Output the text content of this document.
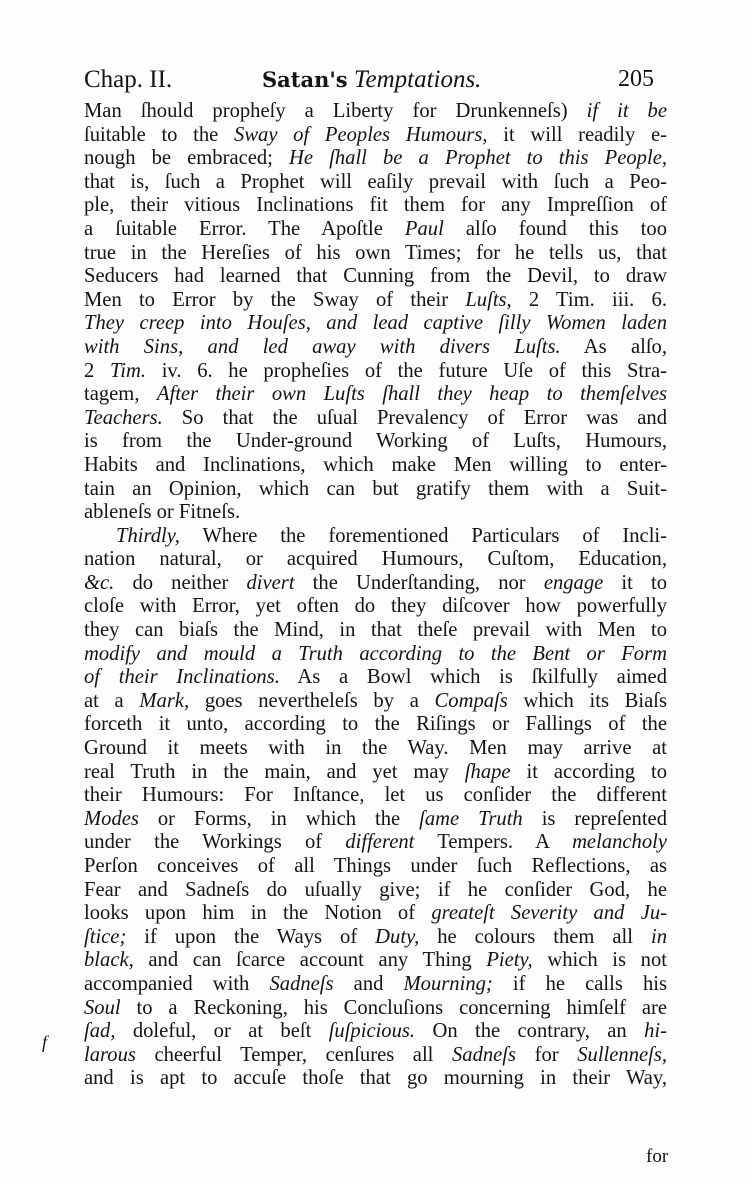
Chap. II.	Satan's Temptations.	205
Man ſhould propheſy a Liberty for Drunkenneſs) if it be
ſuitable to the Sway of Peoples Humours, it will readily e-
nough be embraced; He ſhall be a Prophet to this People,
that is, ſuch a Prophet will eaſily prevail with ſuch a Peo-
ple, their vitious Inclinations fit them for any Impreſſion of
a ſuitable Error. The Apoſtle Paul alſo found this too
true in the Hereſies of his own Times; for he tells us, that
Seducers had learned that Cunning from the Devil, to draw
Men to Error by the Sway of their Luſts, 2 Tim. iii. 6.
They creep into Houſes, and lead captive ſilly Women laden
with Sins, and led away with divers Luſts. As alſo,
2 Tim. iv. 6. he propheſies of the future Uſe of this Stra-
tagem, After their own Luſts ſhall they heap to themſelves
Teachers. So that the uſual Prevalency of Error was and
is from the Under-ground Working of Luſts, Humours,
Habits and Inclinations, which make Men willing to enter-
tain an Opinion, which can but gratify them with a Suit-
ableneſs or Fitneſs.
Thirdly, Where the forementioned Particulars of Incli-
nation natural, or acquired Humours, Cuſtom, Education,
&c. do neither divert the Underſtanding, nor engage it to
cloſe with Error, yet often do they diſcover how powerfully
they can biaſs the Mind, in that theſe prevail with Men to
modify and mould a Truth according to the Bent or Form
of their Inclinations. As a Bowl which is ſkilfully aimed
at a Mark, goes nevertheleſs by a Compaſs which its Biaſs
forceth it unto, according to the Riſings or Fallings of the
Ground it meets with in the Way. Men may arrive at
real Truth in the main, and yet may ſhape it according to
their Humours: For Inſtance, let us conſider the different
Modes or Forms, in which the ſame Truth is repreſented
under the Workings of different Tempers. A melancholy
Perſon conceives of all Things under ſuch Reflections, as
Fear and Sadneſs do uſually give; if he conſider God, he
looks upon him in the Notion of greateſt Severity and Ju-
ſtice; if upon the Ways of Duty, he colours them all in
black, and can ſcarce account any Thing Piety, which is not
accompanied with Sadneſs and Mourning; if he calls his
Soul to a Reckoning, his Concluſions concerning himſelf are
ſad, doleful, or at beſt ſuſpicious. On the contrary, an hi-
larous cheerful Temper, cenſures all Sadneſs for Sullenneſs,
and is apt to accuſe thoſe that go mourning in their Way,
f
for
